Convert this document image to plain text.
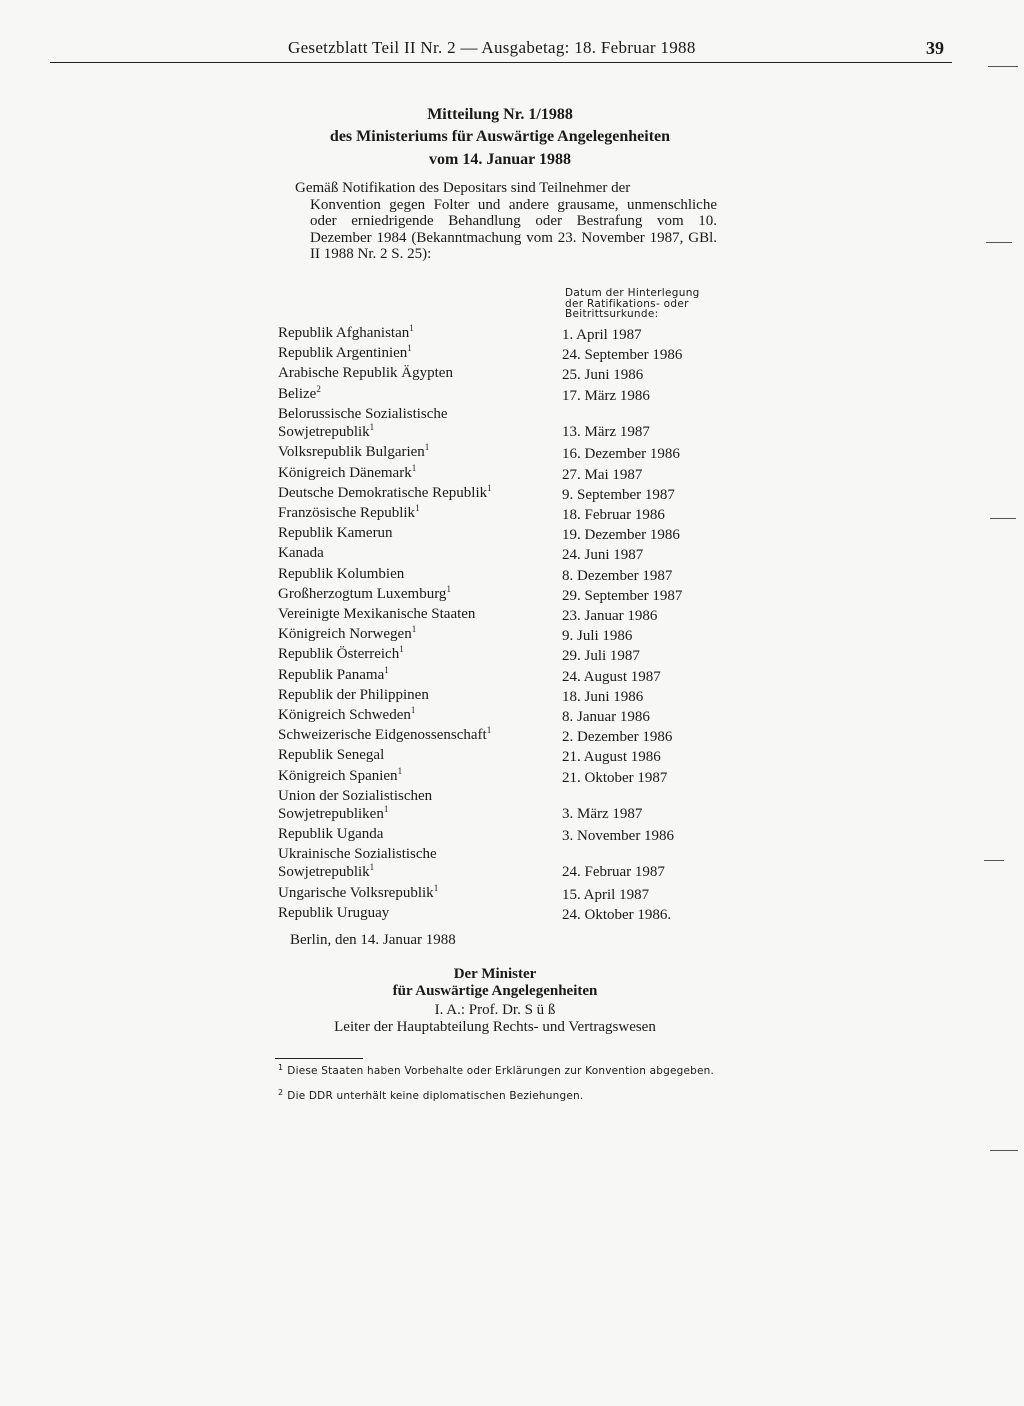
Gesetzblatt Teil II Nr. 2 — Ausgabetag: 18. Februar 1988	39
Mitteilung Nr. 1/1988
des Ministeriums für Auswärtige Angelegenheiten
vom 14. Januar 1988
Gemäß Notifikation des Depositars sind Teilnehmer der
Konvention gegen Folter und andere grausame, unmenschliche oder erniedrigende Behandlung oder Bestrafung vom 10. Dezember 1984 (Bekanntmachung vom 23. November 1987, GBl. II 1988 Nr. 2 S. 25):
Datum der Hinterlegung
der Ratifikations- oder
Beitrittsurkunde:
Republik Afghanistan$^1$	1. April 1987
Republik Argentinien$^1$	24. September 1986
Arabische Republik Ägypten	25. Juni 1986
Belize$^2$	17. März 1986
Belorussische Sozialistische
Sowjetrepublik$^1$	13. März 1987
Volksrepublik Bulgarien$^1$	16. Dezember 1986
Königreich Dänemark$^1$	27. Mai 1987
Deutsche Demokratische Republik$^1$	9. September 1987
Französische Republik$^1$	18. Februar 1986
Republik Kamerun	19. Dezember 1986
Kanada	24. Juni 1987
Republik Kolumbien	8. Dezember 1987
Großherzogtum Luxemburg$^1$	29. September 1987
Vereinigte Mexikanische Staaten	23. Januar 1986
Königreich Norwegen$^1$	9. Juli 1986
Republik Österreich$^1$	29. Juli 1987
Republik Panama$^1$	24. August 1987
Republik der Philippinen	18. Juni 1986
Königreich Schweden$^1$	8. Januar 1986
Schweizerische Eidgenossenschaft$^1$	2. Dezember 1986
Republik Senegal	21. August 1986
Königreich Spanien$^1$	21. Oktober 1987
Union der Sozialistischen
Sowjetrepubliken$^1$	3. März 1987
Republik Uganda	3. November 1986
Ukrainische Sozialistische
Sowjetrepublik$^1$	24. Februar 1987
Ungarische Volksrepublik$^1$	15. April 1987
Republik Uruguay	24. Oktober 1986.
Berlin, den 14. Januar 1988
Der Minister
für Auswärtige Angelegenheiten
I. A.: Prof. Dr. S ü ß
Leiter der Hauptabteilung Rechts- und Vertragswesen
$^1$ Diese Staaten haben Vorbehalte oder Erklärungen zur Konvention abgegeben.
$^2$ Die DDR unterhält keine diplomatischen Beziehungen.
